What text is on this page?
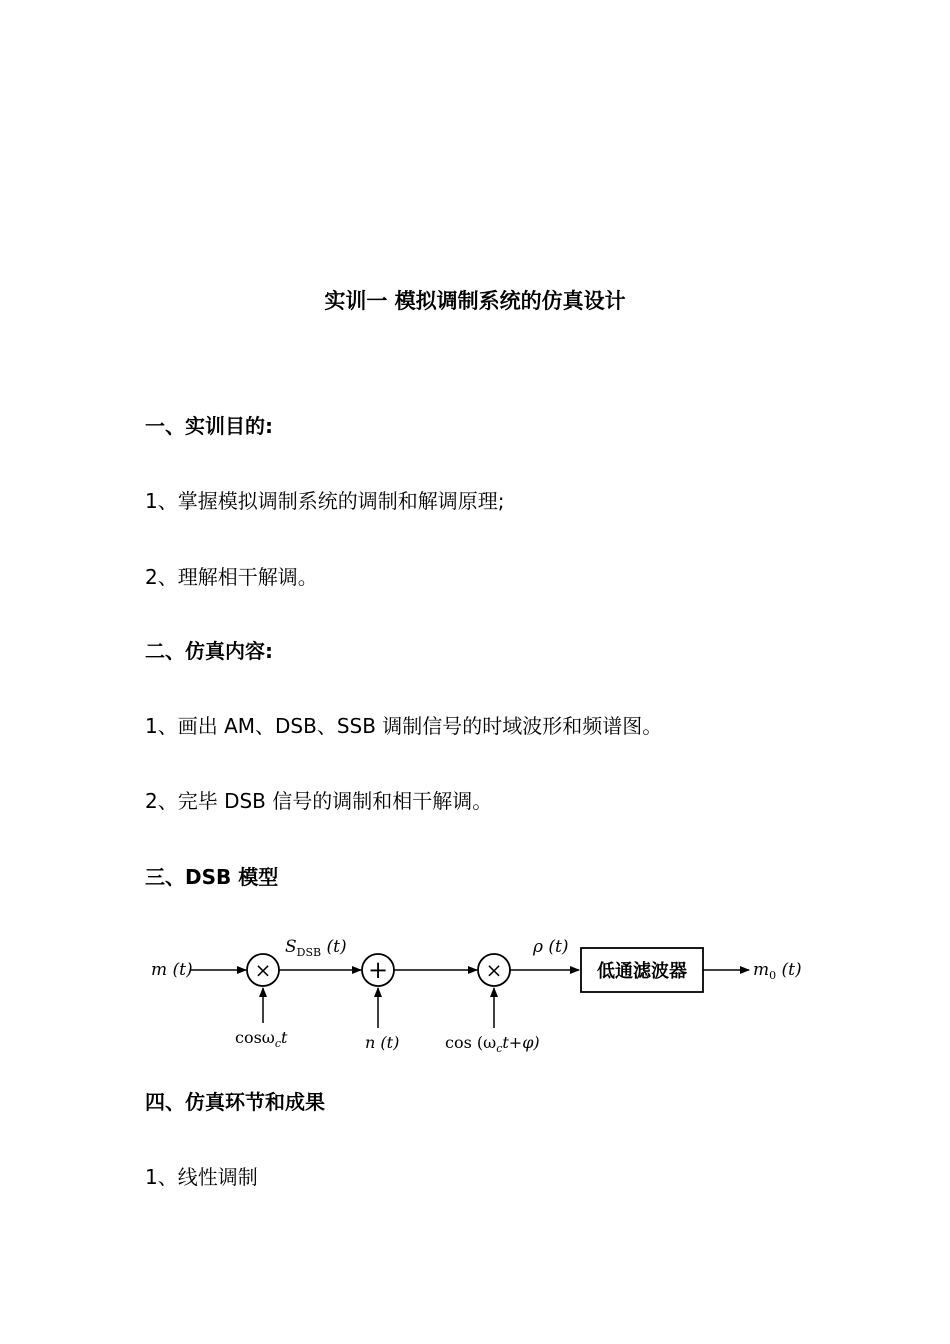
实训一 模拟调制系统的仿真设计
一、实训目的:
1、掌握模拟调制系统的调制和解调原理;
2、理解相干解调。
二、仿真内容:
1、画出 AM、DSB、SSB 调制信号的时域波形和频谱图。
2、完毕 DSB 信号的调制和相干解调。
三、DSB 模型
m (t)	×
cosω$_c$t
$S_{DSB}$ (t)
+
n (t)
×
$\cos (\omega_ct+\varphi)$
ρ (t)
低通滤波器	$m_0$ (t)
四、仿真环节和成果
1、线性调制
